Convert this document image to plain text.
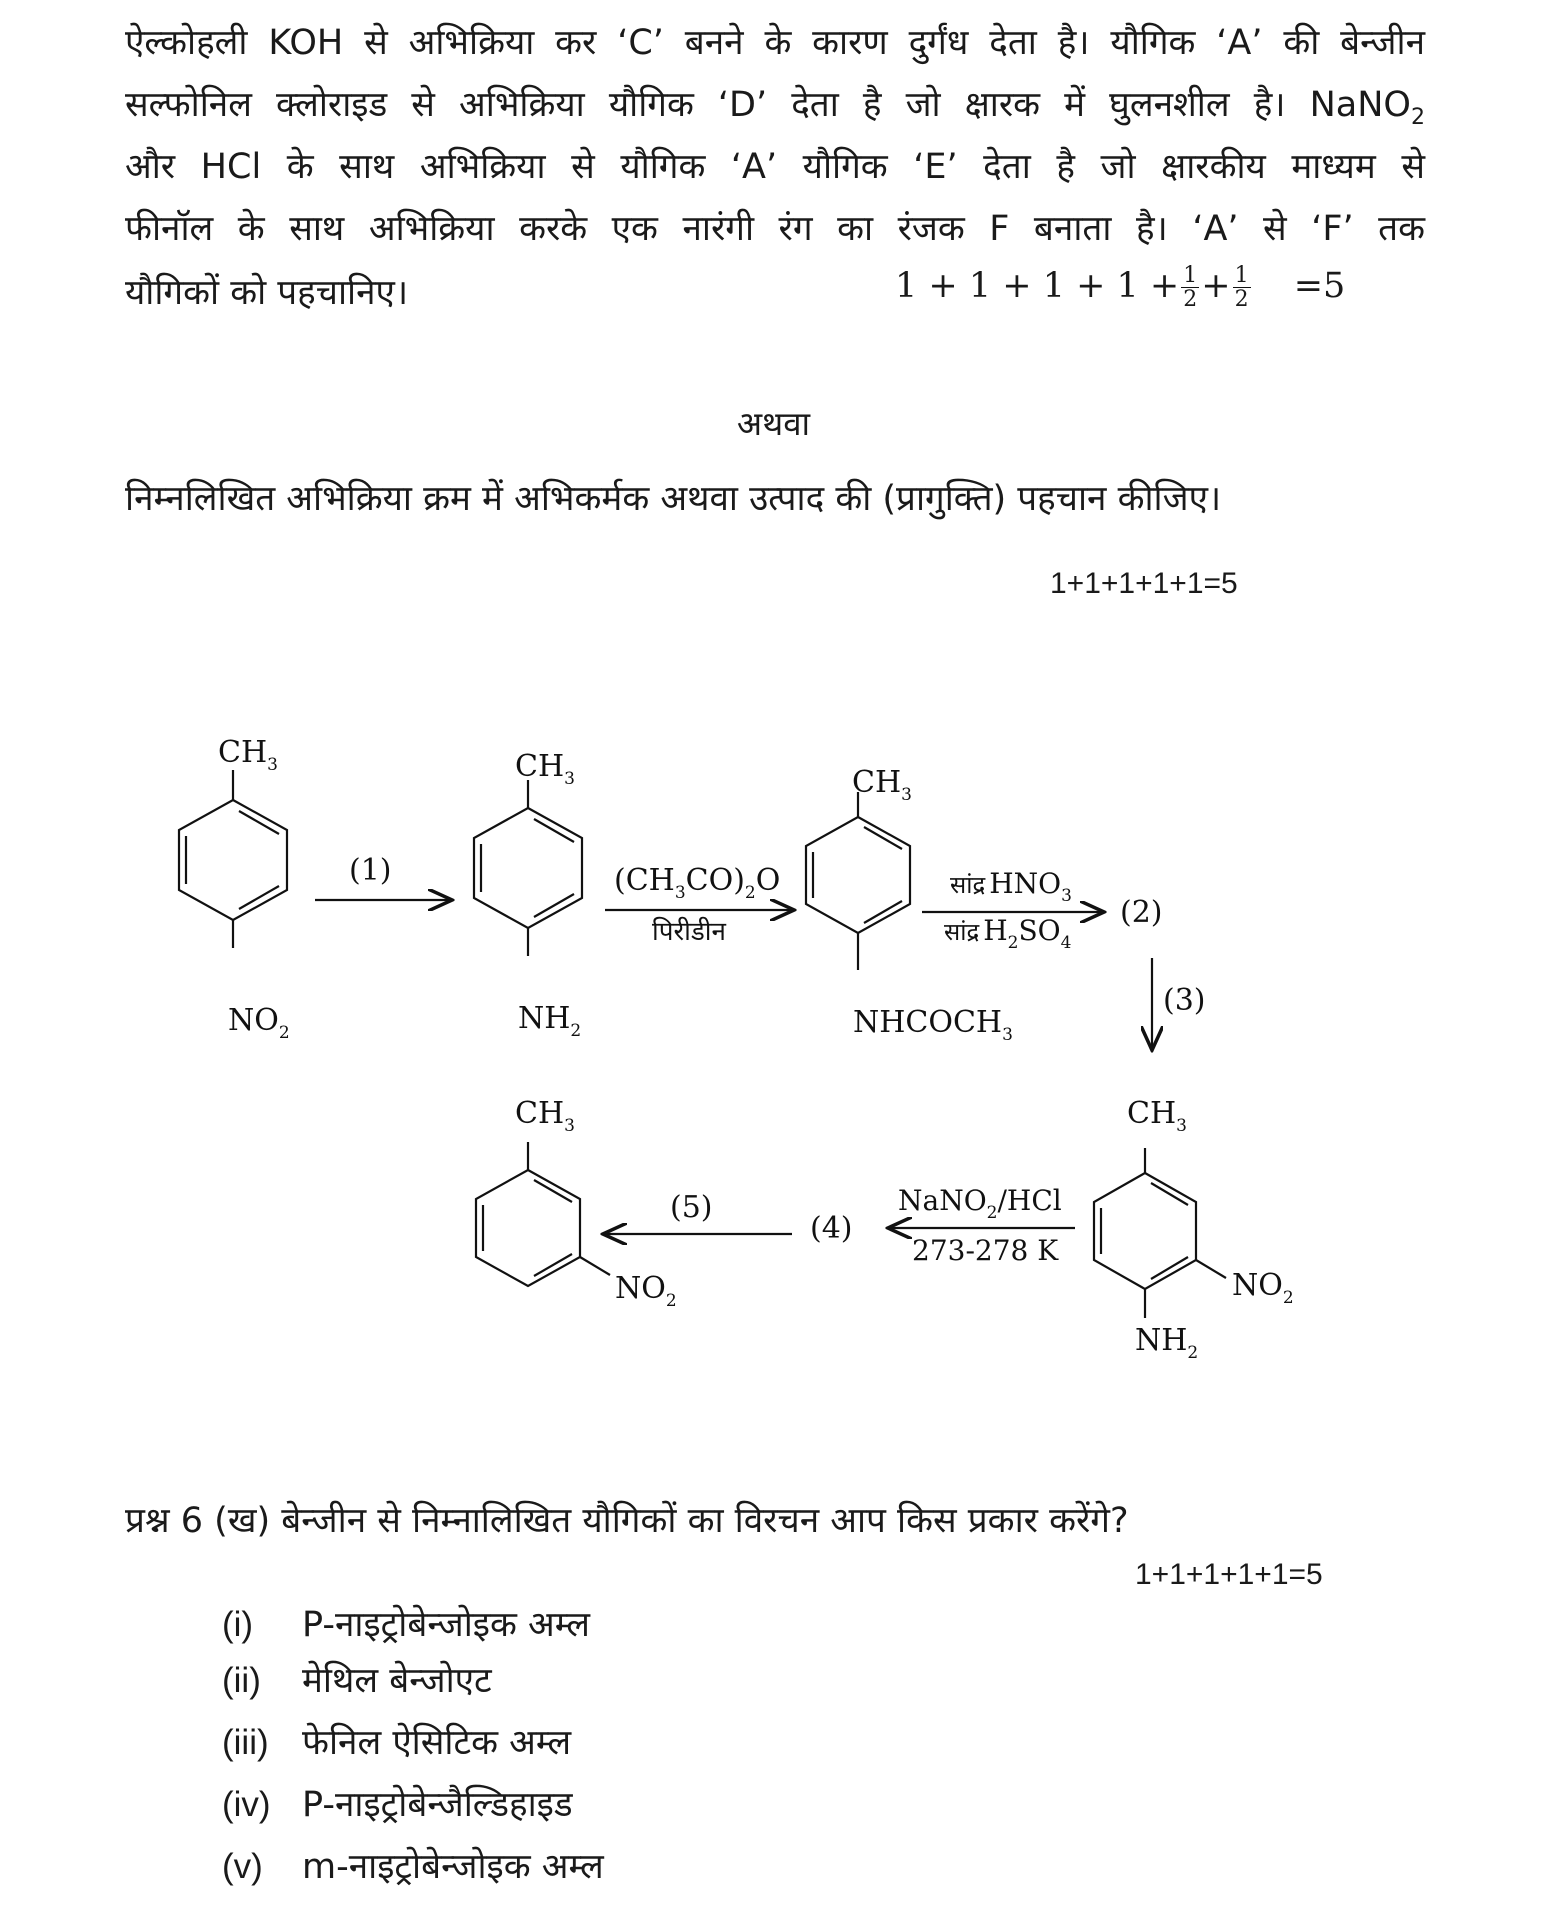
ऐल्कोहली KOH से अभिक्रिया कर ‘C’ बनने के कारण दुर्गंध देता है। यौगिक ‘A’ की बेन्जीन
सल्फोनिल क्लोराइड से अभिक्रिया यौगिक ‘D’ देता है जो क्षारक में घुलनशील है। NaNO$_2$
और HCl के साथ अभिक्रिया से यौगिक ‘A’ यौगिक ‘E’ देता है जो क्षारकीय माध्यम से
फीनॉल के साथ अभिक्रिया करके एक नारंगी रंग का रंजक F बनाता है। ‘A’ से ‘F’ तक
यौगिकों को पहचानिए।	$1 + 1 + 1 + 1 + \frac{1}{2} + \frac{1}{2} =5$
अथवा
निम्नलिखित अभिक्रिया क्रम में अभिकर्मक अथवा उत्पाद की (प्रागुक्ति) पहचान कीजिए।
1+1+1+1+1=5
$CH_3$
$NO_2$
$CH_3$
$NH_2$
$CH_3$
$NHCOCH_3$
(1)	$(CH_3CO)_2O$
पिरीडीन
सांद्र $HNO_3$
सांद्र $H_2SO_4$
(2)
(3)
$CH_3$
$NO_2$
(5)
(4)
NaNO$_2$/HCl
273-278 K
$CH_3$
$NO_2$
$NH_2$
प्रश्न 6 (ख) बेन्जीन से निम्नालिखित यौगिकों का विरचन आप किस प्रकार करेंगे?
1+1+1+1+1=5
(i) P-नाइट्रोबेन्जोइक अम्ल
(ii) मेथिल बेन्जोएट
(iii) फेनिल ऐसिटिक अम्ल
(iv) P-नाइट्रोबेन्जैल्डिहाइड
(v) m-नाइट्रोबेन्जोइक अम्ल
